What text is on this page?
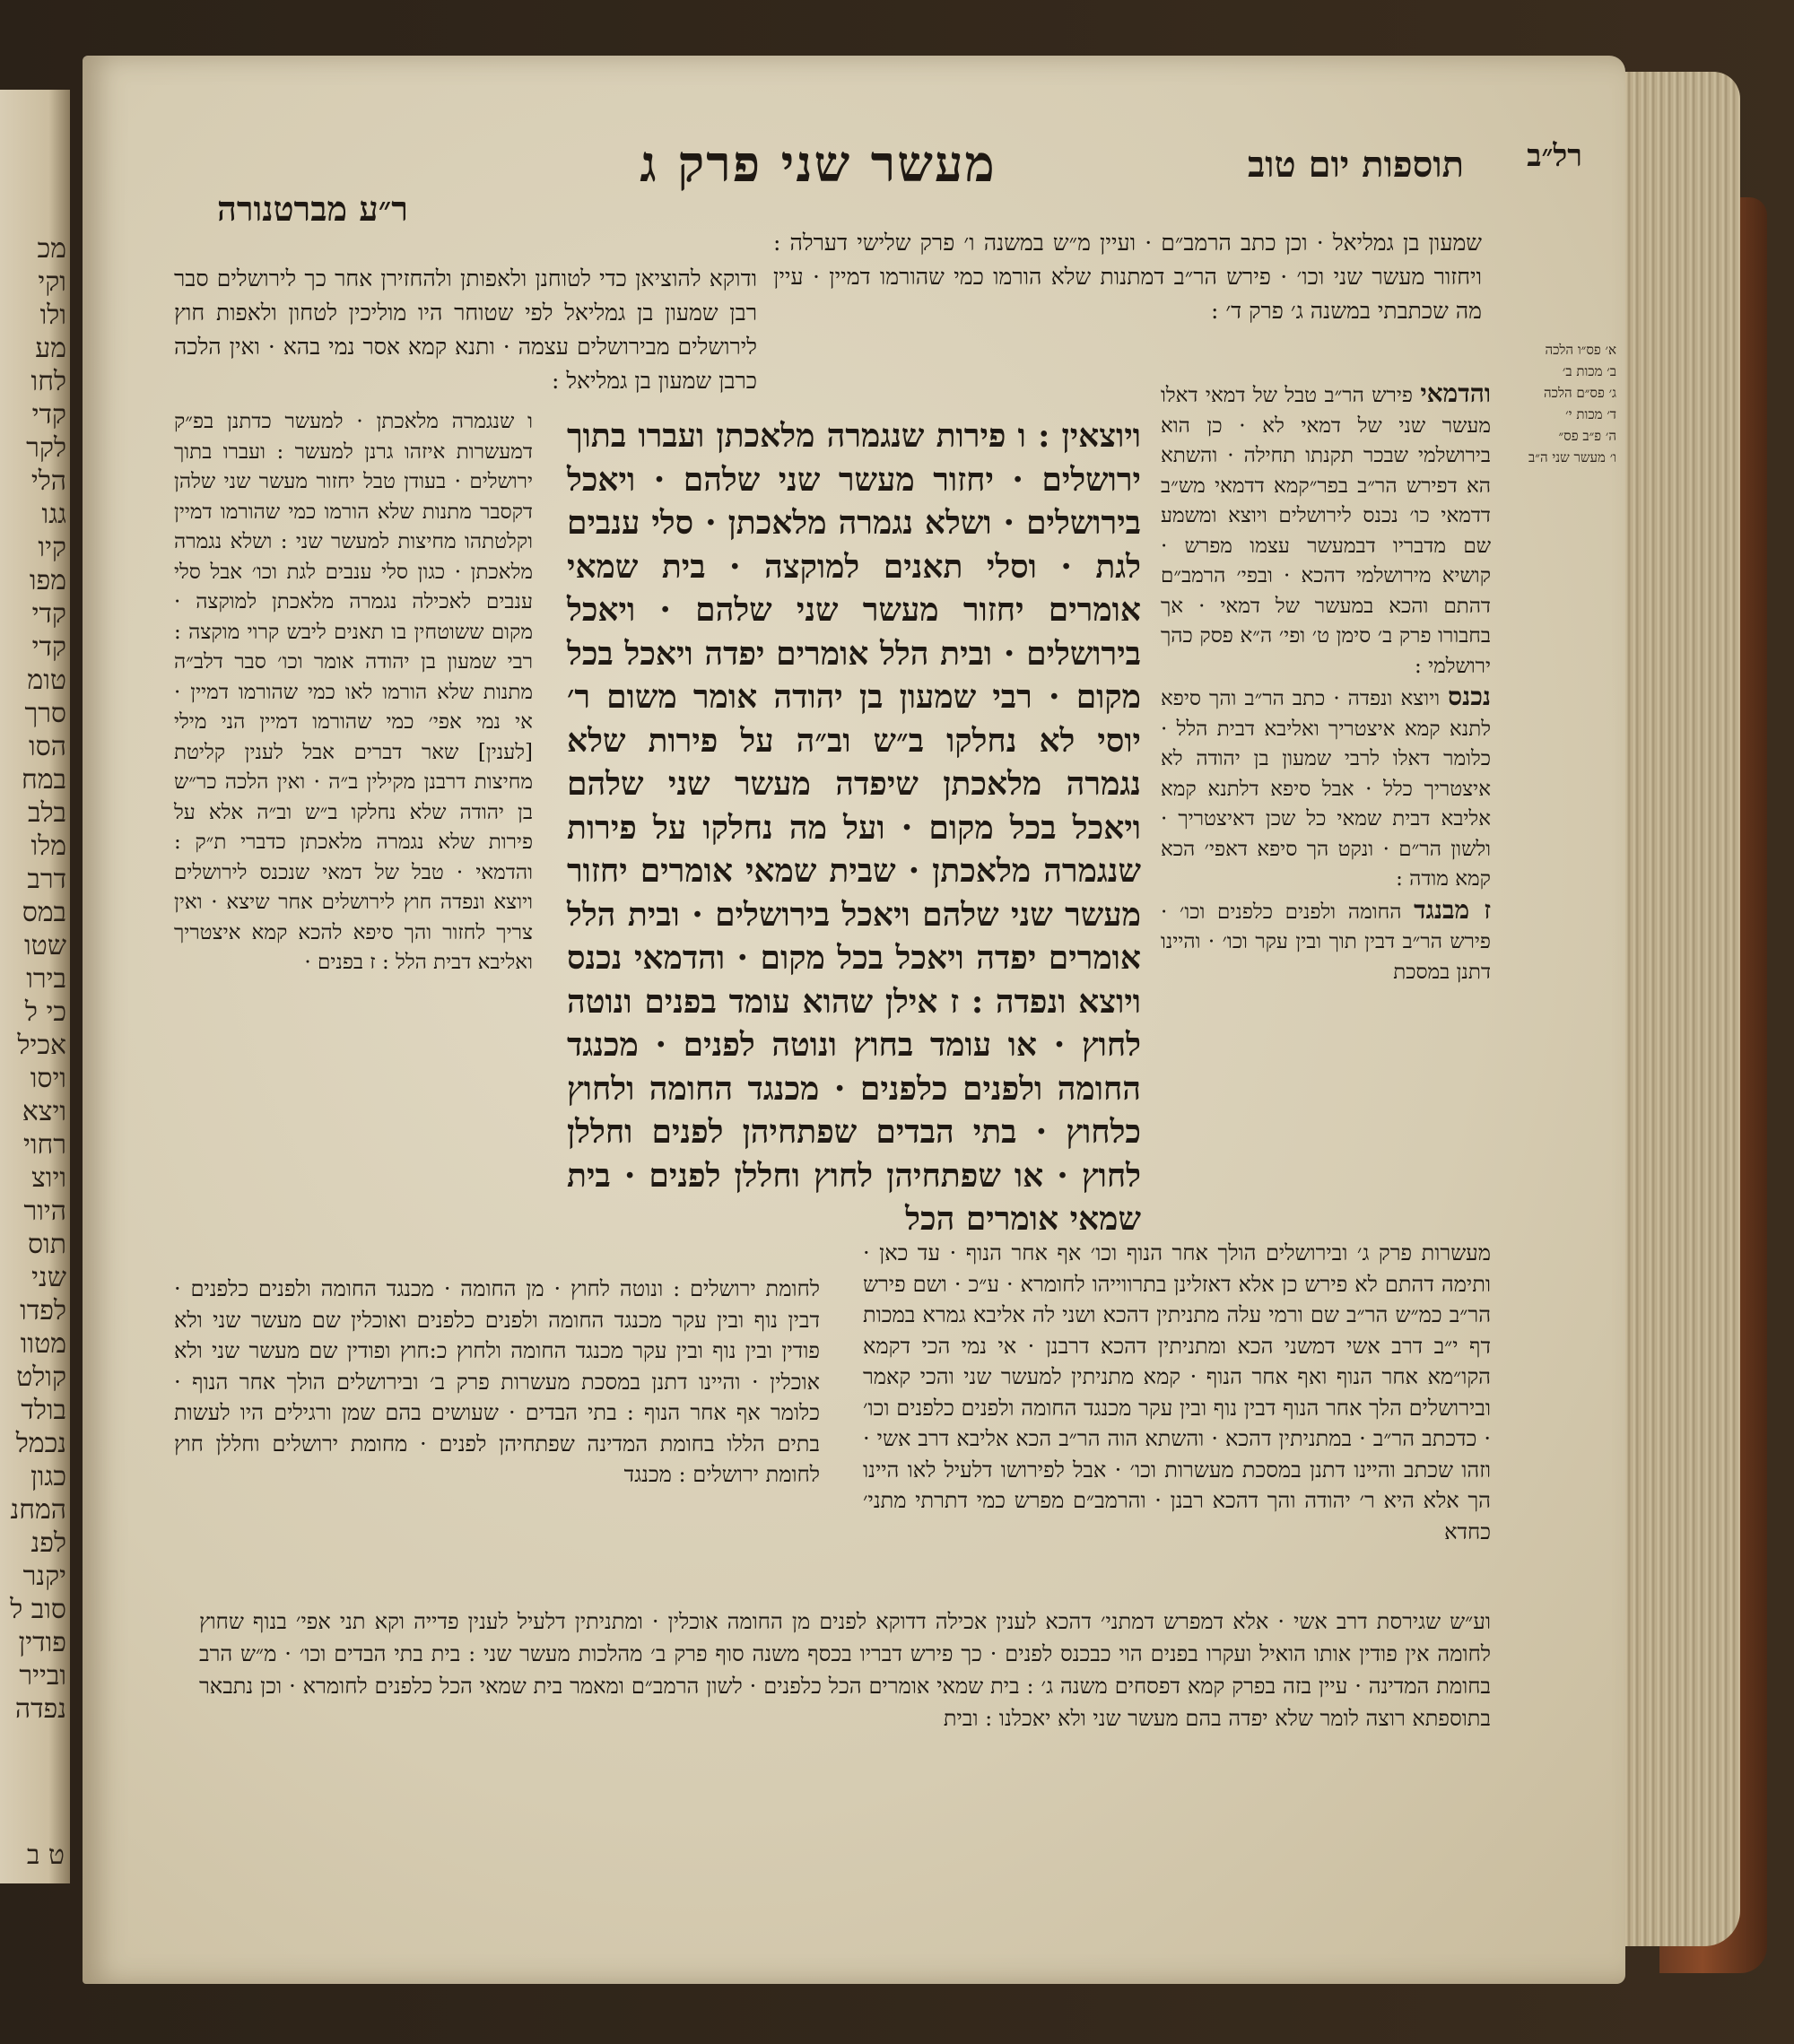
ט ב
מכ
וקי
ולו
מע
לחו
קדי
לקר
הלי
גגו
קיו
מפו
קדי
קדי
טומ
סרך
הסו
במח
בלב
מלו
דרב
במס
שטו
בירו
כי ל
אכיל
ויסו
ויצא
רחוי
ויוצ
היור
תוס
שני
לפדו
מטוו
קולט
בולד
נכמל
כגון
המחנ
לפנ
יקנר
סוב ל
פודין
ובייר
נפדה
רל״ב
תוספות יום טוב
מעשר שני פרק ג
ר״ע מברטנורה

שמעון בן גמליאל · וכן כתב הרמב״ם · ועיין מ״ש במשנה ו׳ פרק שלישי דערלה : ויחזור מעשר שני וכו׳ · פירש הר״ב דמתנות שלא הורמו כמי שהורמו דמיין · עיין מה שכתבתי במשנה ג׳ פרק ד׳ :

ודוקא להוציאן כדי לטוחנן ולאפותן ולהחזירן אחר כך לירושלים סבר רבן שמעון בן גמליאל לפי שטוחר היו מוליכין לטחון ולאפות חוץ לירושלים מבירושלים עצמה · ותנא קמא אסר נמי בהא · ואין הלכה כרבן שמעון בן גמליאל :

א׳ פס״ו הלכה
ב׳ מכות ב׳
ג׳ פס״ם הלכה
ד׳ מכות י׳
ה׳ פ״ב פס״
ו׳ מעשר שני ה״ב

והדמאי פירש הר״ב טבל של דמאי דאלו מעשר שני של דמאי לא · כן הוא בירושלמי שבכר תקנתו תחילה · והשתא הא דפירש הר״ב בפר״קמא דדמאי מש״ב דדמאי כו׳ נכנס לירושלים ויוצא ומשמע שם מדבריו דבמעשר עצמו מפרש · קושיא מירושלמי דהכא · ובפי׳ הרמב״ם דהתם והכא במעשר של דמאי · אך בחבורו פרק ב׳ סימן ט׳ ופי׳ ה״א פסק כהך ירושלמי :

נכנס ויוצא ונפדה · כתב הר״ב והך סיפא לתנא קמא איצטריך ואליבא דבית הלל · כלומר דאלו לרבי שמעון בן יהודה לא איצטריך כלל · אבל סיפא דלתנא קמא אליבא דבית שמאי כל שכן דאיצטריך · ולשון הר״ם · ונקט הך סיפא דאפי׳ הכא קמא מודה :

ז מבנגד החומה ולפנים כלפנים וכו׳ · פירש הר״ב דבין תוך ובין עקר וכו׳ · והיינו דתנן במסכת

ויוצאין : ו פירות שנגמרה מלאכתן ועברו בתוך ירושלים · יחזור מעשר שני שלהם · ויאכל בירושלים · ושלא נגמרה מלאכתן · סלי ענבים לגת · וסלי תאנים למוקצה · בית שמאי אומרים יחזור מעשר שני שלהם · ויאכל בירושלים · ובית הלל אומרים יפדה ויאכל בכל מקום · רבי שמעון בן יהודה אומר משום ר׳ יוסי לא נחלקו ב״ש וב״ה על פירות שלא נגמרה מלאכתן שיפדה מעשר שני שלהם ויאכל בכל מקום · ועל מה נחלקו על פירות שנגמרה מלאכתן · שבית שמאי אומרים יחזור מעשר שני שלהם ויאכל בירושלים · ובית הלל אומרים יפדה ויאכל בכל מקום · והדמאי נכנס ויוצא ונפדה : ז אילן שהוא עומד בפנים ונוטה לחוץ · או עומד בחוץ ונוטה לפנים · מכנגד החומה ולפנים כלפנים · מכנגד החומה ולחוץ כלחוץ · בתי הבדים שפתחיהן לפנים וחללן לחוץ · או שפתחיהן לחוץ וחללן לפנים · בית שמאי אומרים הכל

ו שנגמרה מלאכתן · למעשר כדתנן בפ״ק דמעשרות איזהו גרנן למעשר : ועברו בתוך ירושלים · בעודן טבל יחזור מעשר שני שלהן דקסבר מתנות שלא הורמו כמי שהורמו דמיין וקלטתהו מחיצות למעשר שני : ושלא נגמרה מלאכתן · כגון סלי ענבים לגת וכו׳ אבל סלי ענבים לאכילה נגמרה מלאכתן למוקצה · מקום ששוטחין בו תאנים ליבש קרוי מוקצה : רבי שמעון בן יהודה אומר וכו׳ סבר דלב״ה מתנות שלא הורמו לאו כמי שהורמו דמיין · אי נמי אפי׳ כמי שהורמו דמיין הני מילי [לענין] שאר דברים אבל לענין קליטת מחיצות דרבנן מקילין ב״ה · ואין הלכה כר״ש בן יהודה שלא נחלקו ב״ש וב״ה אלא על פירות שלא נגמרה מלאכתן כדברי ת״ק : והדמאי · טבל של דמאי שנכנס לירושלים ויוצא ונפדה חוץ לירושלים אחר שיצא · ואין צריך לחזור והך סיפא להכא קמא איצטריך ואליבא דבית הלל : ז בפנים ·

מעשרות פרק ג׳ ובירושלים הולך אחר הנוף וכו׳ אף אחר הנוף · עד כאן · ותימה דהתם לא פירש כן אלא דאזלינן בתרווייהו לחומרא · ע״כ · ושם פירש הר״ב כמ״ש הר״ב שם ורמי עלה מתניתין דהכא ושני לה אליבא גמרא במכות דף י״ב דרב אשי דמשני הכא ומתניתין דהכא דרבנן · אי נמי הכי דקמא הקו״מא אחר הנוף ואף אחר הנוף · קמא מתניתין למעשר שני והכי קאמר ובירושלים הלך אחר הנוף דבין נוף ובין עקר מכנגד החומה ולפנים כלפנים וכו׳ · כדכתב הר״ב · במתניתין דהכא · והשתא הוה הר״ב הכא אליבא דרב אשי · וזהו שכתב והיינו דתנן במסכת מעשרות וכו׳ · אבל לפירושו דלעיל לאו היינו הך אלא היא ר׳ יהודה והך דהכא רבנן · והרמב״ם מפרש כמי דתרתי מתני׳ כחדא

לחומת ירושלים : ונוטה לחוץ · מן החומה · מכנגד החומה ולפנים כלפנים · דבין נוף ובין עקר מכנגד החומה ולפנים כלפנים ואוכלין שם מעשר שני ולא פודין ובין נוף ובין עקר מכנגד החומה ולחוץ כ:חוץ ופודין שם מעשר שני ולא אוכלין · והיינו דתנן במסכת מעשרות פרק ב׳ ובירושלים הולך אחר הנוף · כלומר אף אחר הנוף : בתי הבדים · שעושים בהם שמן ורגילים היו לעשות בתים הללו בחומת המדינה שפתחיהן לפנים · מחומת ירושלים וחללן חוץ לחומת ירושלים : מכנגד

וע״ש שגירסת דרב אשי · אלא דמפרש דמתני׳ דהכא לענין אכילה דדוקא לפנים מן החומה אוכלין · ומתניתין דלעיל לענין פדייה וקא תני אפי׳ בנוף שחוץ לחומה אין פודין אותו הואיל ועקרו בפנים הוי כבכנס לפנים · כך פירש דבריו בכסף משנה סוף פרק ב׳ מהלכות מעשר שני : בית בתי הבדים וכו׳ · מ״ש הרב בחומת המדינה · עיין בזה בפרק קמא דפסחים משנה ג׳ : בית שמאי אומרים הכל כלפנים · לשון הרמב״ם ומאמר בית שמאי הכל כלפנים לחומרא · וכן נתבאר בתוספתא רוצה לומר שלא יפדה בהם מעשר שני ולא יאכלנו : ובית
